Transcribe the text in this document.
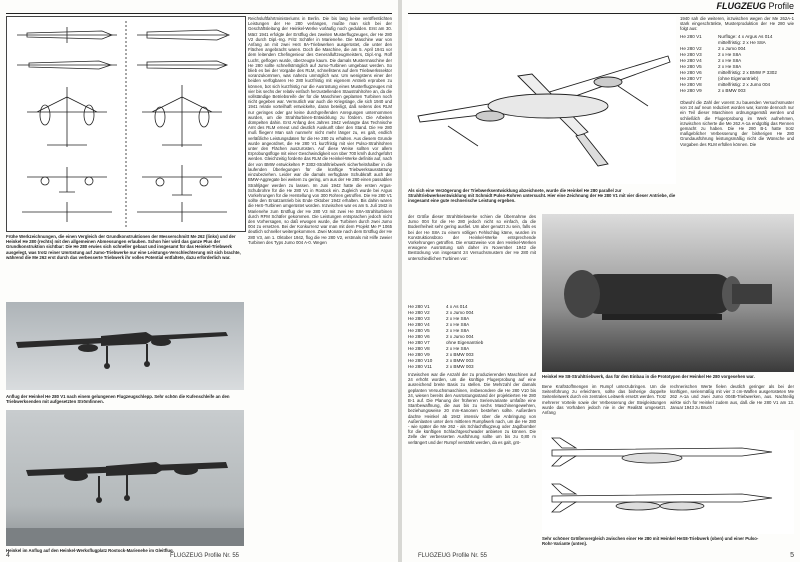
Frühe Werkzeichnungen, die einen Vergleich der Grundkonstruktionen der Messerschmitt Me 262 (links) und der Heinkel He 280 (rechts) mit den allgemeinen Abmessungen erlauben. Schon hier wird das ganze Plus der Grundkonstruktion sichtbar: Die He 280 erwies sich schneller gebaut und insgesamt für das Heinkel-Triebwerk ausgelegt, was trotz reiner Umrüstung auf Jumo-Triebwerke nur eine Leistungs-Verschlechterung mit sich brachte, während die Me 262 erst durch das verbesserte Triebwerk ihr volles Potential entfaltete, dazu erforderlich war.
Anflug der Heinkel He 280 V1 nach einem gelungenen Flugzeugschlepp. Sehr schön die Kufenschleife an den Triebwerksenden mit aufgesetzten Strömfinnen.
Heinkel im Anflug auf den Heinkel-Werksflugplatz Rostock-Marienehe im Gleitflug.
Reichsluftfahrtministeriums in Berlin. Die bis lang keine veröffentlichten Leistungen der He 280 verlangen, mußte man sich bei der Geschäftsleitung der Heinkel-Werke vorläufig noch gedulden. Erst am 30. März 1941 erfolgte der Erstflug des zweiten Musterflugzeuges, der He 280 V2 durch Dipl.-Ing. Fritz Schäfer in Marienehe. Die Maschine war von Anfang an mit zwei HeS 8A-Triebwerken ausgerüstet, die unter den Flächen angebracht waren. Doch die Maschine, die am 5. April 1941 vor dem leitenden Chefingenieur des Generalluftzeugmeisters, Dipl.-Ing. Rolf Lucht, geflogen wurde, überzeugte kaum. Die damals Mustermaschine der He 280 sollte schnellstmöglich auf Jumo-Turbinen umgebaut werden. So blieb es bei der Vorgabe des RLM, schnellstens auf dem Triebwerkssektor voranzukommen, was nahezu unmöglich war. Um wenigstens einer der beiden verfügbaren He 280 kurzfristig mit eigenem Antrieb erproben zu können, bot sich kurzfristig nur die Ausrüstung eines Musterflugzeuges mit vier bis sechs der relativ einfach herzustellenden Staustrahlrohre an, da die vollständige Betriebsreife der für die Maschinen geplanten Turbinen noch nicht gegeben war. Vermutlich war auch die Kriegslage, die sich 1940 und 1941 relativ vorteilhaft entwickelte, daran beteiligt, daß seitens des RLM nur geringes oder gar keine durchgreifenden Anregungen unternommen wurden, um die Strahlturbinen-Entwicklung zu fördern. Die Arbeiten dümpelten dahin. Erst Anfang des Jahres 1942 verlangte das Technische Amt des RLM erneut und deutlich Auskunft über den Stand. Die He 280 muß fliegen! Man sah nunmehr nicht mehr länger zu, es galt, endlich verläßliche Leistungsdaten für die He 280 zu erhalten. Aus diesem Grunde wurde angeordnet, die He 280 V1 kurzfristig mit vier Pulso-Strahlrohren unter den Flächen auszurüsten. Auf diese Weise sollten vor allem Erprobungsflüge mit einer Geschwindigkeit von über 700 km/h durchgeführt werden. Gleichzeitig forderte das RLM die Heinkel-Werke definitiv auf, nach der von BMW entwickelten P 3302-Strahltriebwerk sicherheitshalber in die laufenden Überlegungen für die künftige Triebwerksausstattung einzubeziehen. Leider war die damals verfügbare Schubkraft auch der BMW-Aggregate bei weitem zu gering, um aus der He 280 einen passablen Strahljäger werden zu lassen. Im Juni 1942 hatte die ersten Argus-Schubrohre für die He 280 V1 in Rostock ein. Zugleich wurde bei Argus Vorkehrungen für die Herstellung von 300 Rohren getroffen. Die He 280 V1 sollte den Ersatzantrieb bis Ende Oktober 1942 erhalten. Bis dahin waren die HeS-Turbinen umgerüstet worden. Inzwischen war es am 5. Juli 1942 in Marienehe zum Erstflug der He 280 V3 mit zwei He S8A-Strahlturbinen durch RFM Schäfer gekommen. Die Leistungen entsprachen jedoch nicht den Vorhersagen, so daß erwogen wurde, die Turbinen durch zwei Jumo 004 zu ersetzen. Bei der Konkurrenz war man mit dem Projekt Me P 1065 deutlich schneller weitergekommen. Zwei Monate nach dem Erstflug der He 280 V3, am 1. Oktober 1942, flog die He 280 V2, erstmals mit Hilfe zweier Turbinen des Typs Jumo 004 A-0. Wegen
4	FLUGZEUG Profile Nr. 55
FLUGZEUG Profile
Als sich eine Verzögerung der Triebwerksentwicklung abzeichnete, wurde die Heinkel He 280 parallel zur Strahltriebwerksentwicklung mit Schmidt Pulso-Rohren untersucht. Hier eine Zeichnung der He 280 V1 mit vier dieser Antriebe, die insgesamt eine gute rechnerische Leistung ergeben.
1940 sah die weiteren, inzwischen wegen der Me 262A-1 stark eingeschränkte, Musterproduktion der He 280 wie folgt aus:
He 280 V1	Nurflüge: 4 x Argus As 014
mittelfristig: 2 x He S8A
He 280 V2	2 x Jumo 004
He 280 V3	2 x He S8A
He 280 V4	2 x He S8A
He 280 V5	2 x He S8A
He 280 V6	mittelfristig: 2 x BMW P 3302
He 280 V7	(ohne Eigenantrieb)
He 280 V8	mittelfristig: 2 x Jumo 004
He 280 V9	2 x BMW 003
Obwohl die Zahl der vorerst zu bauenden Versuchsmuster von 24 auf neun reduziert worden war, konnte dennoch nur ein Teil dieser Maschinen ordnungsgemäß werden und schließlich die Flugerprobung im Werk aufnehmen, inzwischen sicherte die Me 262 A-1a endgültig das Rennen gemacht zu haben. Die He 280 B-1 hatte trotz maßgeblicher Verbesserung der bisherigen He 280 Grundausführung leistungsmäßig nicht die Wünsche und Vorgaben des RLM erfüllen können. Die
der Größe dieser Strahltriebwerke schien die Übernahme des Jumo 004 für die He 280 jedoch nicht so einfach, da die Bodenfreiheit sehr gering ausfiel. Um aber genutzt zu sein, falls es bei der He S8A zu einem völligen Fehlschlag käme, wurden im Konstruktionsbüro der Heinkel-Werke entsprechende Vorkehrungen getroffen. Die ersatzweise von den Heinkel-Werken erwogene Ausrüstung sah daher im November 1942 die Bestückung von insgesamt 24 Versuchsmustern der He 280 mit unterschiedlichen Turbinen vor:
He 280 V1	4 x As 014
He 280 V2	2 x Jumo 004
He 280 V3	2 x He S8A
He 280 V4	2 x He S8A
He 280 V5	2 x He S8A
He 280 V6	2 x Jumo 004
He 280 V7	ohne Eigenantrieb
He 280 V8	2 x He S8A
He 280 V9	2 x BMW 003
He 280 V10	2 x BMW 003
He 280 V11	2 x BMW 003
Heinkel He S8-Strahltriebwerk, das für den Einbau in die Prototypen der Heinkel He 280 vorgesehen war.
Inzwischen war die Anzahl der zu produzierenden Maschinen auf 24 erhöht worden, um die künftige Flugerprobung auf eine ausreichend breite Basis zu stellen. Die Mehrzahl der damals geplanten Versuchsmaschinen, insbesondere die He 280 V10 bis 24, wiesen bereits den Ausrüstungsstand der projektierten He 280 B-1 auf. Die Planung der früheren Serienvariante umfaßte eine Starrbewaffnung, die aus bis zu sechs Maschinengewehren, beziehungsweise 20 mm-Kanonen bestehen sollte. Außerdem dachte Heinkel ab 1942 intensiv über die Anbringung von Außenlasten unter dem mittleren Rumpfwerk nach, um die He 280 - wie später die Me 262 - als Schlachtflugzeug oder Jagdbomber für die künftigen Schlachtgeschwader anbieten zu können. Die Zelle der verbesserten Ausführung sollte um bis zu 0,80 m verlängert und der Rumpf verstärkt werden, da es galt, grö-
Bene Kraftstoffmengen im Rumpf unterzubringen. Um die Seitenführung zu erleichtern, sollte das bisherige doppelte Seitenleitwerk durch ein zentrales Leitwerk ersetzt werden. Trotz mehrerer Vorteile sowie der Verbesserung der Steigleistungen wurde das Vorhaben jedoch nie in der Realität umgesetzt. Anfang
rechnerischen Werte fielen deutlich geringer als bei der künftigen, serienmäßig mit vier 3 cm-Waffen ausgerüsteten Me 262 A-1a und zwei Jumo 004B-Triebwerken, aus. Nachteilig wirkte sich für Heinkel zudem aus, daß die He 280 V1 am 13. Januar 1943 zu Bruch
Sehr schöner Größenvergleich zwischen einer He 280 mit Heinkel HeS8-Triebwerk (oben) und einer Pulso-Rohr-Variante (unten).
FLUGZEUG Profile Nr. 55	5
